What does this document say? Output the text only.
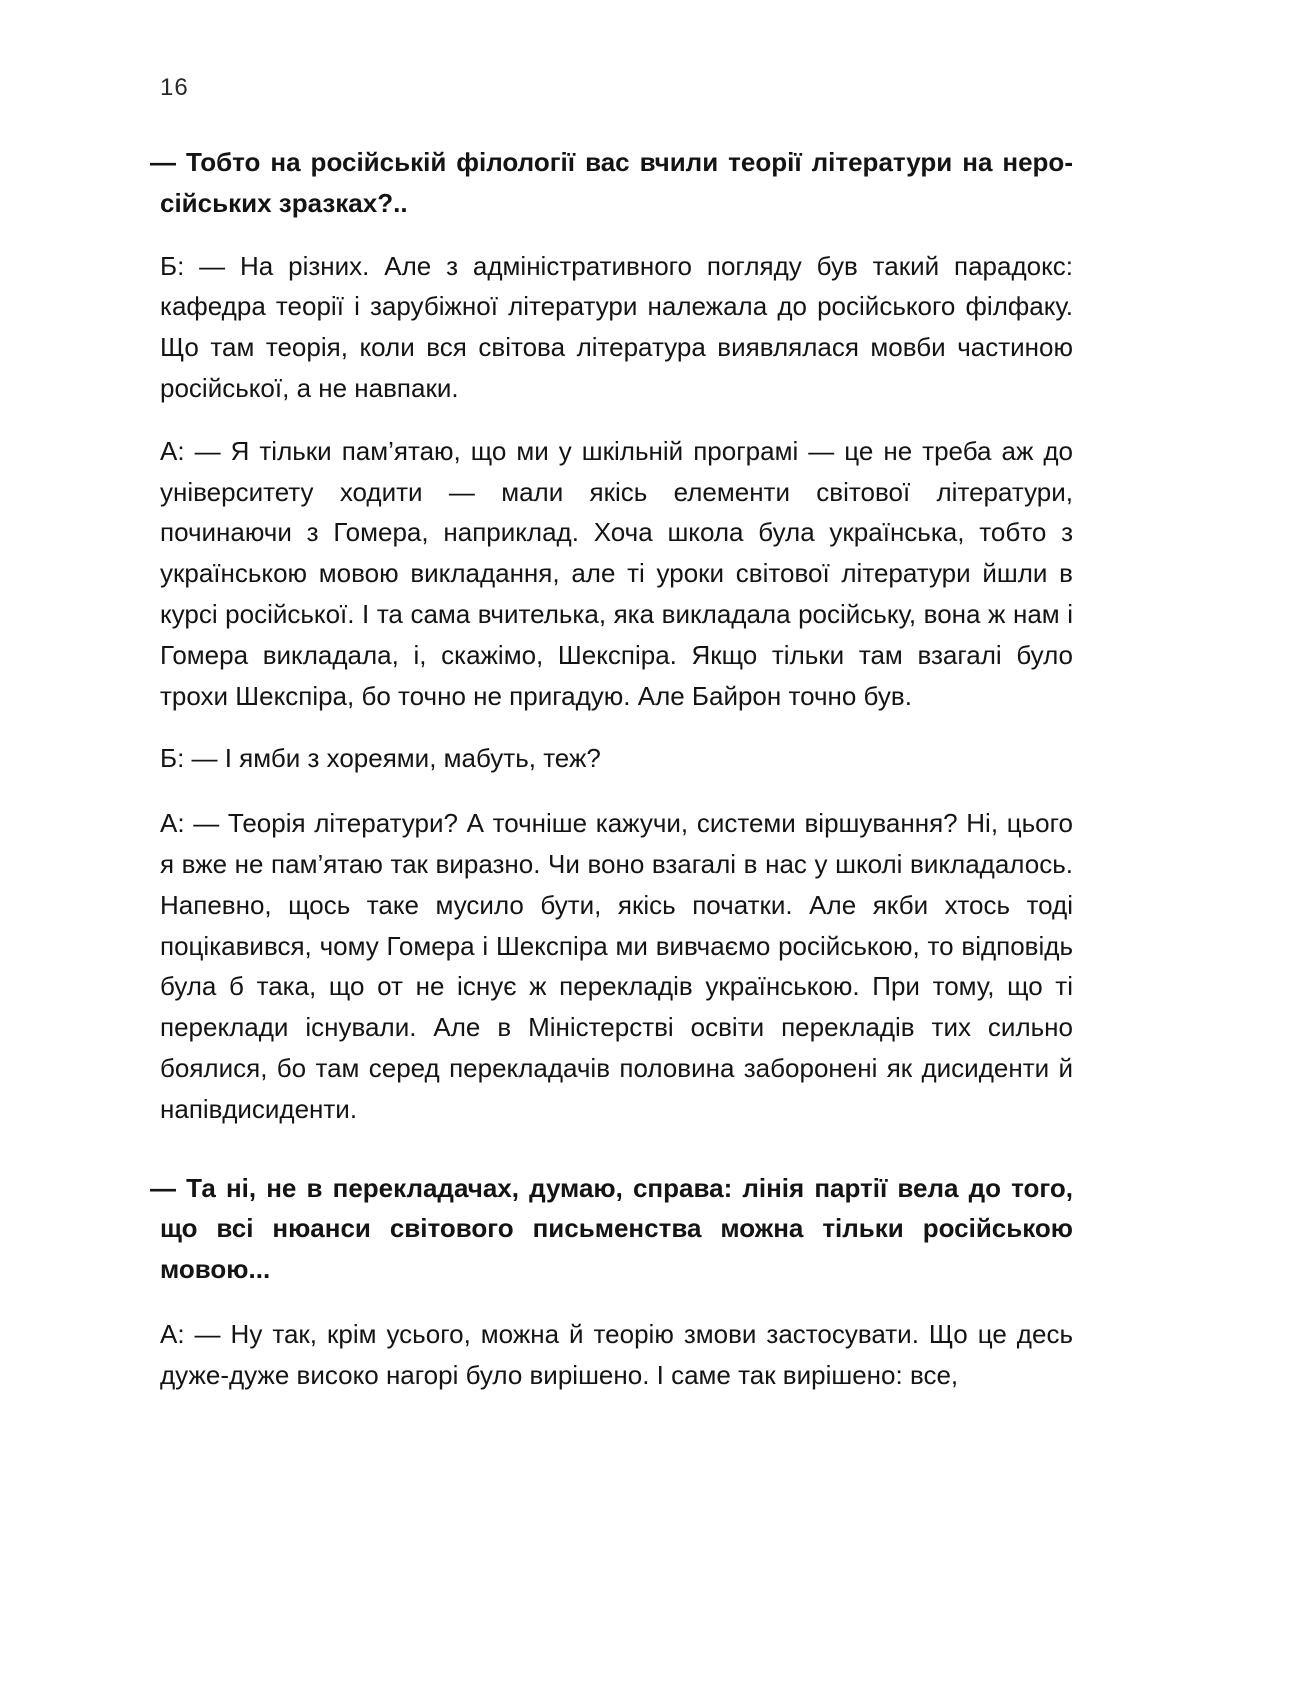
16

— Тобто на російській філології вас вчили теорії літератури на неросійських зразках?..

Б: — На різних. Але з адміністративного погляду був такий парадокс: кафедра теорії і зарубіжної літератури належала до російського філфаку. Що там теорія, коли вся світова література виявлялася мовби частиною російської, а не навпаки.

А: — Я тільки пам’ятаю, що ми у шкільній програмі — це не треба аж до університету ходити — мали якісь елементи світової літератури, починаючи з Гомера, наприклад. Хоча школа була українська, тобто з українською мовою викладання, але ті уроки світової літератури йшли в курсі російської. І та сама вчителька, яка викладала російську, вона ж нам і Гомера викладала, і, скажімо, Шекспіра. Якщо тільки там взагалі було трохи Шекспіра, бо точно не пригадую. Але Байрон точно був.

Б: — І ямби з хореями, мабуть, теж?

А: — Теорія літератури? А точніше кажучи, системи віршування? Ні, цього я вже не пам’ятаю так виразно. Чи воно взагалі в нас у школі викладалось. Напевно, щось таке мусило бути, якісь початки. Але якби хтось тоді поцікавився, чому Гомера і Шекспіра ми вивчаємо російською, то відповідь була б така, що от не існує ж перекладів українською. При тому, що ті переклади існували. Але в Міністерстві освіти перекладів тих сильно боялися, бо там серед перекладачів половина заборонені як дисиденти й напівдисиденти.

— Та ні, не в перекладачах, думаю, справа: лінія партії вела до того, що всі нюанси світового письменства можна тільки російською мовою...

А: — Ну так, крім усього, можна й теорію змови застосувати. Що це десь дуже-дуже високо нагорі було вирішено. І саме так вирішено: все,
